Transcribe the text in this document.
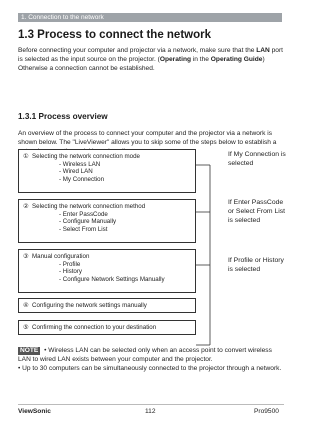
1. Connection to the network
1.3 Process to connect the network
Before connecting your computer and projector via a network, make sure that the LAN port is selected as the input source on the projector. (Operating in the Operating Guide) Otherwise a connection cannot be established.
1.3.1 Process overview
An overview of the process to connect your computer and the projector via a network is shown below. The "LiveViewer" allows you to skip some of the steps below to establish a
① Selecting the network connection mode
- Wireless LAN
- Wired LAN
- My Connection
② Selecting the network connection method
- Enter PassCode
- Configure Manually
- Select From List
③ Manual configuration
- Profile
- History
- Configure Network Settings Manually
④ Configuring the network settings manually
⑤ Confirming the connection to your destination
If My Connection is selected
If Enter PassCode or Select From List is selected
If Profile or History is selected
NOTE • Wireless LAN can be selected only when an access point to convert wireless LAN to wired LAN exists between your computer and the projector.
• Up to 30 computers can be simultaneously connected to the projector through a network.
ViewSonic	112	Pro9500
